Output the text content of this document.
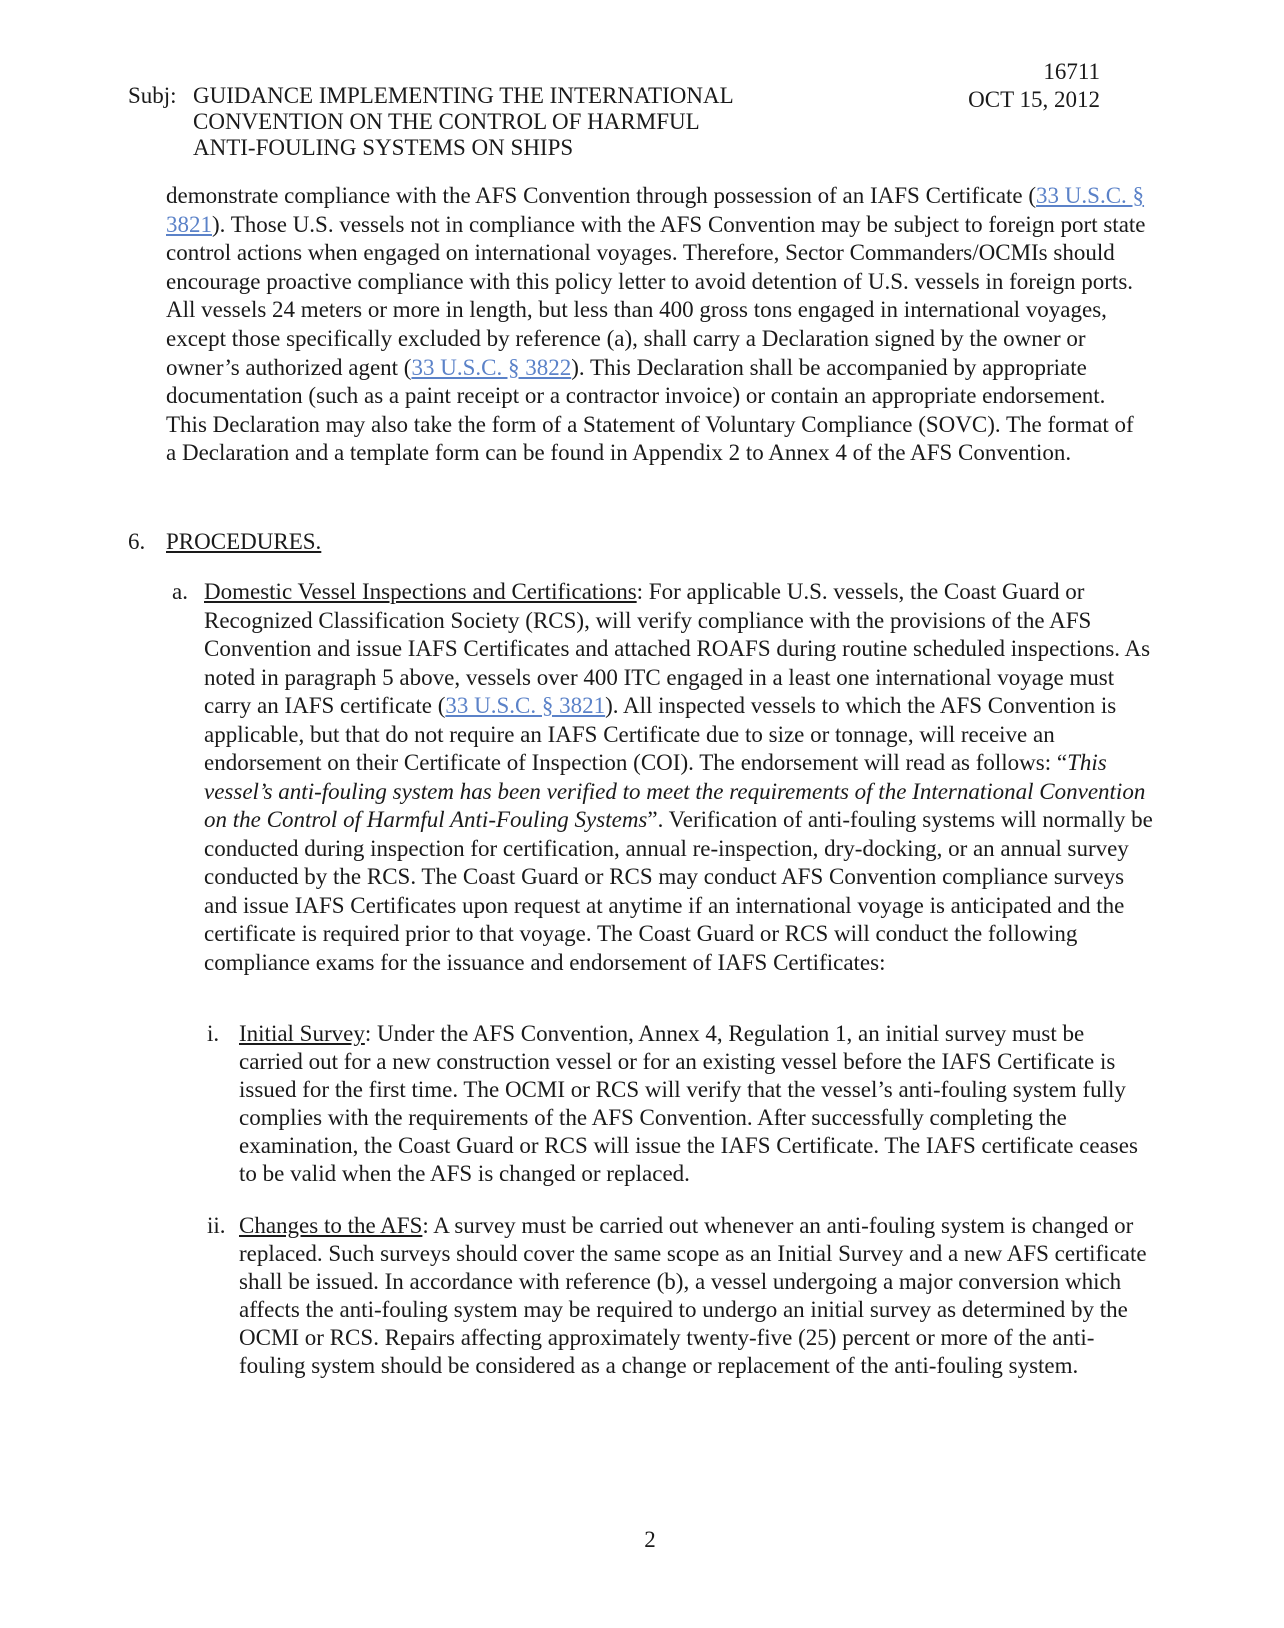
Subj: GUIDANCE IMPLEMENTING THE INTERNATIONAL
CONVENTION ON THE CONTROL OF HARMFUL
ANTI-FOULING SYSTEMS ON SHIPS
16711
OCT 15, 2012

demonstrate compliance with the AFS Convention through possession of an IAFS Certificate (33 U.S.C. § 3821). Those U.S. vessels not in compliance with the AFS Convention may be subject to foreign port state control actions when engaged on international voyages. Therefore, Sector Commanders/OCMIs should encourage proactive compliance with this policy letter to avoid detention of U.S. vessels in foreign ports. All vessels 24 meters or more in length, but less than 400 gross tons engaged in international voyages, except those specifically excluded by reference (a), shall carry a Declaration signed by the owner or owner’s authorized agent (33 U.S.C. § 3822). This Declaration shall be accompanied by appropriate documentation (such as a paint receipt or a contractor invoice) or contain an appropriate endorsement. This Declaration may also take the form of a Statement of Voluntary Compliance (SOVC). The format of a Declaration and a template form can be found in Appendix 2 to Annex 4 of the AFS Convention.

6. PROCEDURES.
a. Domestic Vessel Inspections and Certifications: For applicable U.S. vessels, the Coast Guard or Recognized Classification Society (RCS), will verify compliance with the provisions of the AFS Convention and issue IAFS Certificates and attached ROAFS during routine scheduled inspections. As noted in paragraph 5 above, vessels over 400 ITC engaged in a least one international voyage must carry an IAFS certificate (33 U.S.C. § 3821). All inspected vessels to which the AFS Convention is applicable, but that do not require an IAFS Certificate due to size or tonnage, will receive an endorsement on their Certificate of Inspection (COI). The endorsement will read as follows: “This vessel’s anti-fouling system has been verified to meet the requirements of the International Convention on the Control of Harmful Anti-Fouling Systems”. Verification of anti-fouling systems will normally be conducted during inspection for certification, annual re-inspection, dry-docking, or an annual survey conducted by the RCS. The Coast Guard or RCS may conduct AFS Convention compliance surveys and issue IAFS Certificates upon request at anytime if an international voyage is anticipated and the certificate is required prior to that voyage. The Coast Guard or RCS will conduct the following compliance exams for the issuance and endorsement of IAFS Certificates:

i. Initial Survey: Under the AFS Convention, Annex 4, Regulation 1, an initial survey must be carried out for a new construction vessel or for an existing vessel before the IAFS Certificate is issued for the first time. The OCMI or RCS will verify that the vessel’s anti-fouling system fully complies with the requirements of the AFS Convention. After successfully completing the examination, the Coast Guard or RCS will issue the IAFS Certificate. The IAFS certificate ceases to be valid when the AFS is changed or replaced.

ii. Changes to the AFS: A survey must be carried out whenever an anti-fouling system is changed or replaced. Such surveys should cover the same scope as an Initial Survey and a new AFS certificate shall be issued. In accordance with reference (b), a vessel undergoing a major conversion which affects the anti-fouling system may be required to undergo an initial survey as determined by the OCMI or RCS. Repairs affecting approximately twenty-five (25) percent or more of the anti-fouling system should be considered as a change or replacement of the anti-fouling system.

2
